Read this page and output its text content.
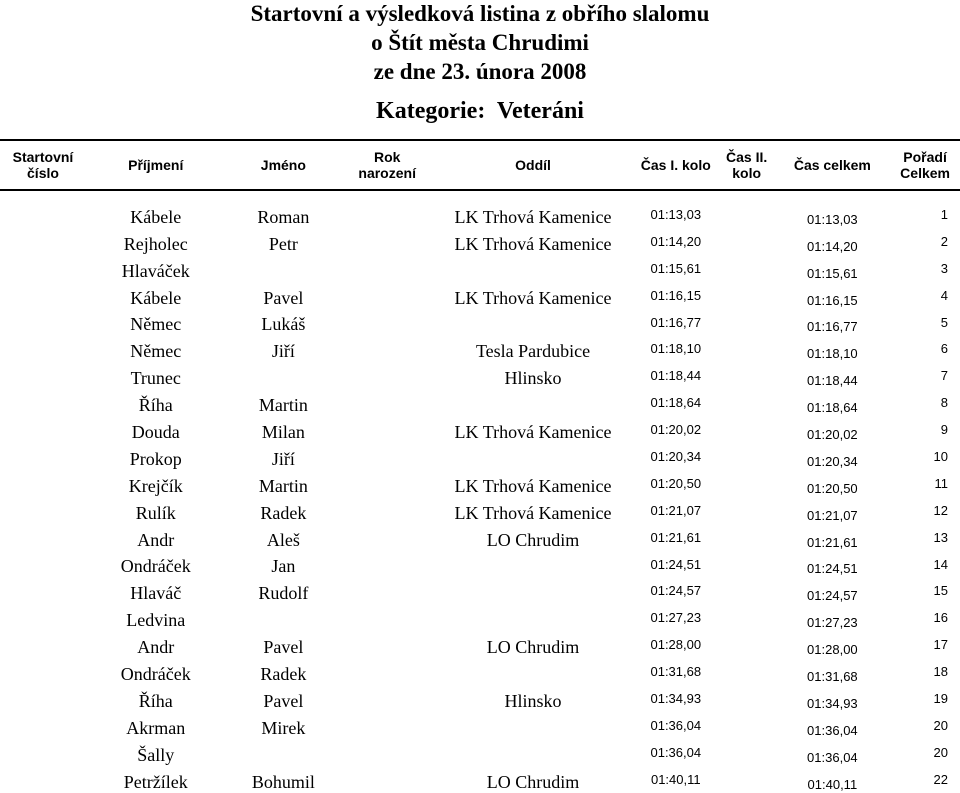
Startovní a výsledková listina z obřího slalomu
o Štít města Chrudimi
ze dne 23. února 2008
Kategorie:  Veteráni
Startovní číslo	Příjmení	Jméno	Rok narození	Oddíl	Čas I. kolo	Čas II. kolo	Čas celkem	Pořadí Celkem

	Kábele	Roman		LK Trhová Kamenice	01:13,03		01:13,03	1
	Rejholec	Petr		LK Trhová Kamenice	01:14,20		01:14,20	2
	Hlaváček				01:15,61		01:15,61	3
	Kábele	Pavel		LK Trhová Kamenice	01:16,15		01:16,15	4
	Němec	Lukáš			01:16,77		01:16,77	5
	Němec	Jiří		Tesla Pardubice	01:18,10		01:18,10	6
	Trunec			Hlinsko	01:18,44		01:18,44	7
	Říha	Martin			01:18,64		01:18,64	8
	Douda	Milan		LK Trhová Kamenice	01:20,02		01:20,02	9
	Prokop	Jiří			01:20,34		01:20,34	10
	Krejčík	Martin		LK Trhová Kamenice	01:20,50		01:20,50	11
	Rulík	Radek		LK Trhová Kamenice	01:21,07		01:21,07	12
	Andr	Aleš		LO Chrudim	01:21,61		01:21,61	13
	Ondráček	Jan			01:24,51		01:24,51	14
	Hlaváč	Rudolf			01:24,57		01:24,57	15
	Ledvina				01:27,23		01:27,23	16
	Andr	Pavel		LO Chrudim	01:28,00		01:28,00	17
	Ondráček	Radek			01:31,68		01:31,68	18
	Říha	Pavel		Hlinsko	01:34,93		01:34,93	19
	Akrman	Mirek			01:36,04		01:36,04	20
	Šally				01:36,04		01:36,04	20
	Petržílek	Bohumil		LO Chrudim	01:40,11		01:40,11	22
